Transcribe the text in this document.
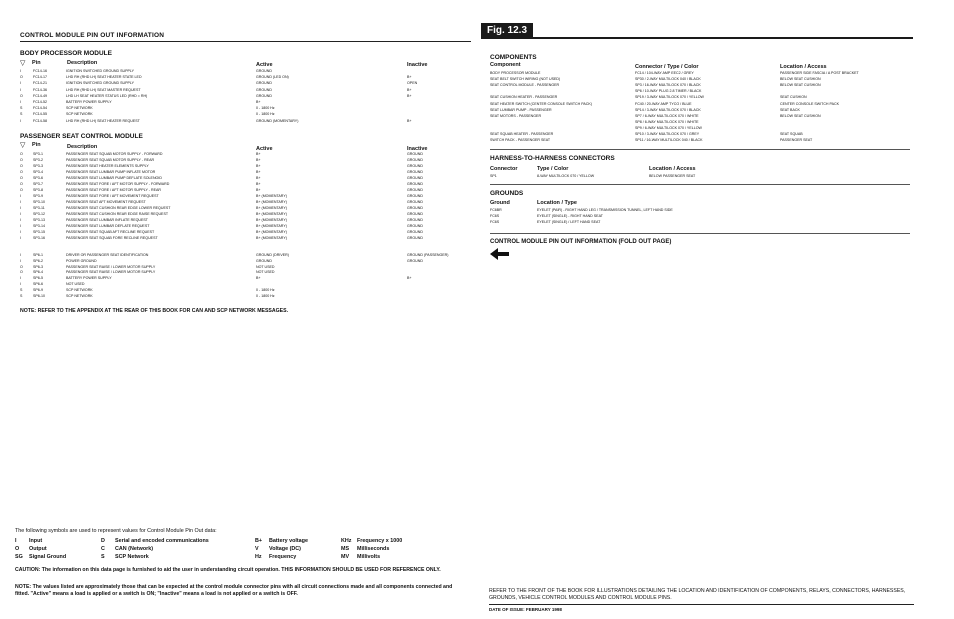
CONTROL MODULE PIN OUT INFORMATION
BODY PROCESSOR MODULE
▽ Pin	Description	Active	Inactive
I	FC14-16	IGNITION SWITCHED GROUND SUPPLY	GROUND
O	FC14-17	LHD RH (RHD LH) SEAT HEATER STATE LED	GROUND (LED ON)	B+
I	FC14-21	IGNITION SWITCHED GROUND SUPPLY	GROUND	OPEN
I	FC14-36	LHD RH (RHD LH) SEAT MASTER REQUEST	GROUND	B+
O	FC14-49	LHD LH SEAT HEATER STATUS LED (RHD = RH)	GROUND	B+
I	FC14-52	BATTERY POWER SUPPLY	B+
S	FC14-54	SCP NETWORK	0 - 1800 Hz
S	FC14-55	SCP NETWORK	0 - 1800 Hz
I	FC14-58	LHD RH (RHD LH) SEAT HEATER REQUEST	GROUND (MOMENTARY)	B+
PASSENGER SEAT CONTROL MODULE
▽ Pin	Description	Active	Inactive
O	SP3-1	PASSENGER SEAT SQUAB MOTOR SUPPLY - FORWARD	B+	GROUND
O	SP3-2	PASSENGER SEAT SQUAB MOTOR SUPPLY - REAR	B+	GROUND
O	SP3-3	PASSENGER SEAT HEATER ELEMENTS SUPPLY	B+	GROUND
O	SP3-4	PASSENGER SEAT LUMBAR PUMP INFLATE MOTOR	B+	GROUND
O	SP3-6	PASSENGER SEAT LUMBAR PUMP DEFLATE SOLENOID	B+	GROUND
O	SP3-7	PASSENGER SEAT FORE / AFT MOTOR SUPPLY - FORWARD	B+	GROUND
O	SP3-8	PASSENGER SEAT FORE / AFT MOTOR SUPPLY - REAR	B+	GROUND
I	SP3-9	PASSENGER SEAT FORE / AFT MOVEMENT REQUEST	B+ (MOMENTARY)	GROUND
I	SP3-10	PASSENGER SEAT AFT MOVEMENT REQUEST	B+ (MOMENTARY)	GROUND
I	SP3-11	PASSENGER SEAT CUSHION REAR EDGE LOWER REQUEST	B+ (MOMENTARY)	GROUND
I	SP3-12	PASSENGER SEAT CUSHION REAR EDGE RAISE REQUEST	B+ (MOMENTARY)	GROUND
I	SP3-13	PASSENGER SEAT LUMBAR INFLATE REQUEST	B+ (MOMENTARY)	GROUND
I	SP3-14	PASSENGER SEAT LUMBAR DEFLATE REQUEST	B+ (MOMENTARY)	GROUND
I	SP3-15	PASSENGER SEAT SQUAB AFT RECLINE REQUEST	B+ (MOMENTARY)	GROUND
I	SP3-16	PASSENGER SEAT SQUAB FORE RECLINE REQUEST	B+ (MOMENTARY)	GROUND
I	SP6-1	DRIVER OR PASSENGER SEAT IDENTIFICATION	GROUND (DRIVER)	GROUND (PASSENGER)
I	SP6-2	POWER GROUND	GROUND	GROUND
O	SP6-3	PASSENGER SEAT RAISE / LOWER MOTOR SUPPLY	NOT USED
O	SP6-4	PASSENGER SEAT RAISE / LOWER MOTOR SUPPLY	NOT USED
I	SP6-5	BATTERY POWER SUPPLY	B+	B+
I	SP6-6	NOT USED
S	SP6-9	SCP NETWORK	0 - 1800 Hz
S	SP6-10	SCP NETWORK	0 - 1800 Hz
NOTE: REFER TO THE APPENDIX AT THE REAR OF THIS BOOK FOR CAN AND SCP NETWORK MESSAGES.
The following symbols are used to represent values for Control Module Pin Out data:
I Input
O Output
SG Signal Ground
D Serial and encoded communications
C CAN (Network)
S SCP Network
B+ Battery voltage
V Voltage (DC)
Hz Frequency
KHz Frequency x 1000
MS Milliseconds
MV Millivolts
CAUTION: The information on this data page is furnished to aid the user in understanding circuit operation. THIS INFORMATION SHOULD BE USED FOR REFERENCE ONLY.
NOTE: The values listed are approximately those that can be expected at the control module connector pins with all circuit connections made and all components connected and fitted. "Active" means a load is applied or a switch is ON; "Inactive" means a load is not applied or a switch is OFF.
Fig. 12.3
COMPONENTS
Component	Connector / Type / Color	Location / Access
BODY PROCESSOR MODULE	FC14 / 104-WAY AMP EEC2 / GREY	PASSENGER SIDE FASCIA / A POST BRACKET
SEAT BELT SWITCH WIRING (NOT USED)	SP30 / 2-WAY MULTILOCK 040 / BLACK	BELOW SEAT CUSHION
SEAT CONTROL MODULE - PASSENGER	SP3 / 16-WAY MULTILOCK 070 / BLACK	BELOW SEAT CUSHION
SP6 / 10-WAY PLUG 2.8 TIMER / BLACK
SEAT CUSHION HEATER - PASSENGER	SP19 / 3-WAY MULTILOCK 070 / YELLOW	SEAT CUSHION
SEAT HEATER SWITCH (CENTER CONSOLE SWITCH PACK)	FC40 / 20-WAY AMP TYCO / BLUE	CENTER CONSOLE SWITCH PACK
SEAT LUMBAR PUMP - PASSENGER	SP14 / 3-WAY MULTILOCK 070 / BLACK	SEAT BACK
SEAT MOTORS - PASSENGER	SP7 / 6-WAY MULTILOCK 070 / WHITE	BELOW SEAT CUSHION
SP8 / 6-WAY MULTILOCK 070 / WHITE
SP9 / 6-WAY MULTILOCK 070 / YELLOW
SEAT SQUAB HEATER - PASSENGER	SP10 / 3-WAY MULTILOCK 070 / GREY	SEAT SQUAB
SWITCH PACK - PASSENGER SEAT	SP11 / 16-WAY MULTILOCK 040 / BLACK	PASSENGER SEAT
HARNESS-TO-HARNESS CONNECTORS
Connector	Type / Color	Location / Access
SP1	8-WAY MULTILOCK 070 / YELLOW	BELOW PASSENGER SEAT
GROUNDS
Ground	Location / Type
FC6BR	EYELET (PAIR) - RIGHT HAND LEG / TRANSMISSION TUNNEL, LEFT HAND SIDE
FC6S	EYELET (SINGLE) - RIGHT HAND SEAT
FC6S	EYELET (SINGLE) / LEFT HAND SEAT
CONTROL MODULE PIN OUT INFORMATION (FOLD OUT PAGE)
REFER TO THE FRONT OF THE BOOK FOR ILLUSTRATIONS DETAILING THE LOCATION AND IDENTIFICATION OF COMPONENTS, RELAYS, CONNECTORS, HARNESSES, GROUNDS, VEHICLE CONTROL MODULES AND CONTROL MODULE PINS.
DATE OF ISSUE: FEBRUARY 1998
